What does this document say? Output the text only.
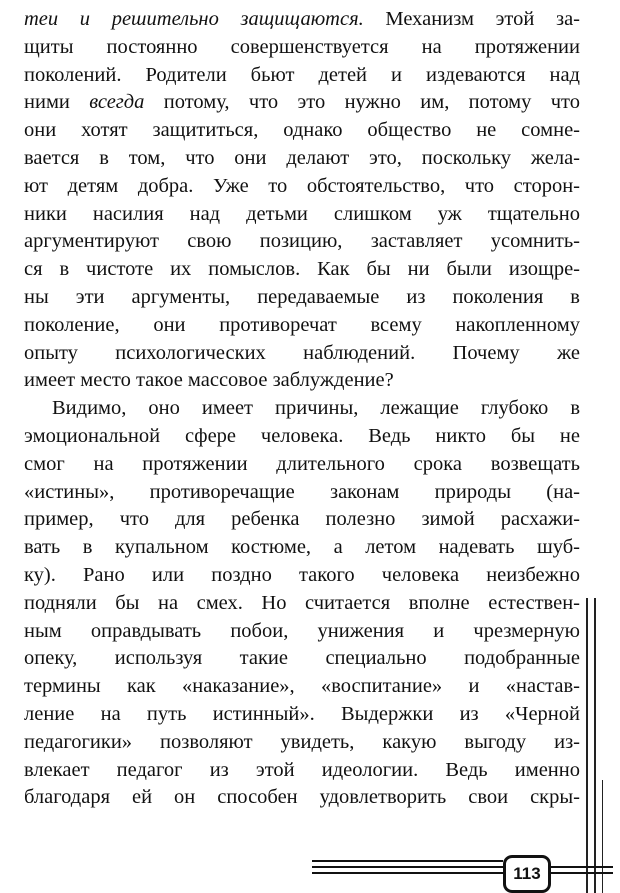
теи и решительно защищаются. Механизм этой за-
щиты постоянно совершенствуется на протяжении
поколений. Родители бьют детей и издеваются над
ними всегда потому, что это нужно им, потому что
они хотят защититься, однако общество не сомне-
вается в том, что они делают это, поскольку жела-
ют детям добра. Уже то обстоятельство, что сторон-
ники насилия над детьми слишком уж тщательно
аргументируют свою позицию, заставляет усомнить-
ся в чистоте их помыслов. Как бы ни были изощре-
ны эти аргументы, передаваемые из поколения в
поколение, они противоречат всему накопленному
опыту психологических наблюдений. Почему же
имеет место такое массовое заблуждение?
Видимо, оно имеет причины, лежащие глубоко в
эмоциональной сфере человека. Ведь никто бы не
смог на протяжении длительного срока возвещать
«истины», противоречащие законам природы (на-
пример, что для ребенка полезно зимой расхажи-
вать в купальном костюме, а летом надевать шуб-
ку). Рано или поздно такого человека неизбежно
подняли бы на смех. Но считается вполне естествен-
ным оправдывать побои, унижения и чрезмерную
опеку, используя такие специально подобранные
термины как «наказание», «воспитание» и «настав-
ление на путь истинный». Выдержки из «Черной
педагогики» позволяют увидеть, какую выгоду из-
влекает педагог из этой идеологии. Ведь именно
благодаря ей он способен удовлетворить свои скры-
113
